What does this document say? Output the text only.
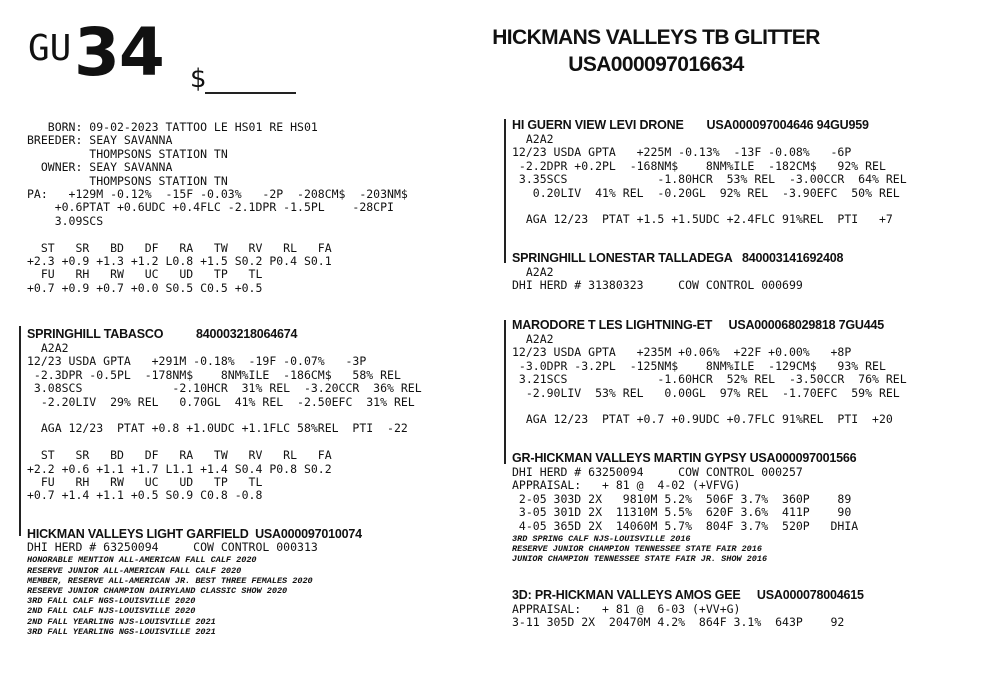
GU 34 $
HICKMANS VALLEYS TB GLITTER
USA000097016634
BORN: 09-02-2023 TATTOO LE HS01 RE HS01
BREEDER: SEAY SAVANNA
THOMPSONS STATION TN
OWNER: SEAY SAVANNA
THOMPSONS STATION TN
PA:   +129M -0.12%  -15F -0.03%   -2P  -208CM$  -203NM$
+0.6PTAT +0.6UDC +0.4FLC -2.1DPR -1.5PL    -28CPI
3.09SCS

ST   SR   BD   DF   RA   TW   RV   RL   FA
+2.3 +0.9 +1.3 +1.2 L0.8 +1.5 S0.2 P0.4 S0.1
FU   RH   RW   UC   UD   TP   TL
+0.7 +0.9 +0.7 +0.0 S0.5 C0.5 +0.5
SPRINGHILL TABASCO          840003218064674
A2A2
12/23 USDA GPTA   +291M -0.18%  -19F -0.07%   -3P
-2.3DPR -0.5PL  -178NM$    8NM%ILE  -186CM$   58% REL
3.08SCS             -2.10HCR  31% REL  -3.20CCR  36% REL
-2.20LIV  29% REL   0.70GL  41% REL  -2.50EFC  31% REL

AGA 12/23  PTAT +0.8 +1.0UDC +1.1FLC 58%REL  PTI  -22

ST   SR   BD   DF   RA   TW   RV   RL   FA
+2.2 +0.6 +1.1 +1.7 L1.1 +1.4 S0.4 P0.8 S0.2
FU   RH   RW   UC   UD   TP   TL
+0.7 +1.4 +1.1 +0.5 S0.9 C0.8 -0.8
HICKMAN VALLEYS LIGHT GARFIELD  USA000097010074
DHI HERD # 63250094     COW CONTROL 000313
HONORABLE MENTION ALL-AMERICAN FALL CALF 2020
RESERVE JUNIOR ALL-AMERICAN FALL CALF 2020
MEMBER, RESERVE ALL-AMERICAN JR. BEST THREE FEMALES 2020
RESERVE JUNIOR CHAMPION DAIRYLAND CLASSIC SHOW 2020
3RD FALL CALF NGS-LOUISVILLE 2020
2ND FALL CALF NJS-LOUISVILLE 2020
2ND FALL YEARLING NJS-LOUISVILLE 2021
3RD FALL YEARLING NGS-LOUISVILLE 2021
HI GUERN VIEW LEVI DRONE       USA000097004646 94GU959
A2A2
12/23 USDA GPTA   +225M -0.13%  -13F -0.08%   -6P
-2.2DPR +0.2PL  -168NM$    8NM%ILE  -182CM$   92% REL
3.35SCS             -1.80HCR  53% REL  -3.00CCR  64% REL
0.20LIV  41% REL  -0.20GL  92% REL  -3.90EFC  50% REL

AGA 12/23  PTAT +1.5 +1.5UDC +2.4FLC 91%REL  PTI   +7
SPRINGHILL LONESTAR TALLADEGA   840003141692408
A2A2
DHI HERD # 31380323     COW CONTROL 000699
MARODORE T LES LIGHTNING-ET     USA000068029818 7GU445
A2A2
12/23 USDA GPTA   +235M +0.06%  +22F +0.00%   +8P
-3.0DPR -3.2PL  -125NM$    8NM%ILE  -129CM$   93% REL
3.21SCS             -1.60HCR  52% REL  -3.50CCR  76% REL
-2.90LIV  53% REL   0.00GL  97% REL  -1.70EFC  59% REL

AGA 12/23  PTAT +0.7 +0.9UDC +0.7FLC 91%REL  PTI  +20
GR-HICKMAN VALLEYS MARTIN GYPSY USA000097001566
DHI HERD # 63250094     COW CONTROL 000257
APPRAISAL:   + 81 @  4-02 (+VFVG)
2-05 303D 2X   9810M 5.2%  506F 3.7%  360P    89
3-05 301D 2X  11310M 5.5%  620F 3.6%  411P    90
4-05 365D 2X  14060M 5.7%  804F 3.7%  520P   DHIA
3RD SPRING CALF NJS-LOUISVILLE 2016
RESERVE JUNIOR CHAMPION TENNESSEE STATE FAIR 2016
JUNIOR CHAMPION TENNESSEE STATE FAIR JR. SHOW 2016
3D: PR-HICKMAN VALLEYS AMOS GEE     USA000078004615
APPRAISAL:   + 81 @  6-03 (+VV+G)
3-11 305D 2X  20470M 4.2%  864F 3.1%  643P    92
